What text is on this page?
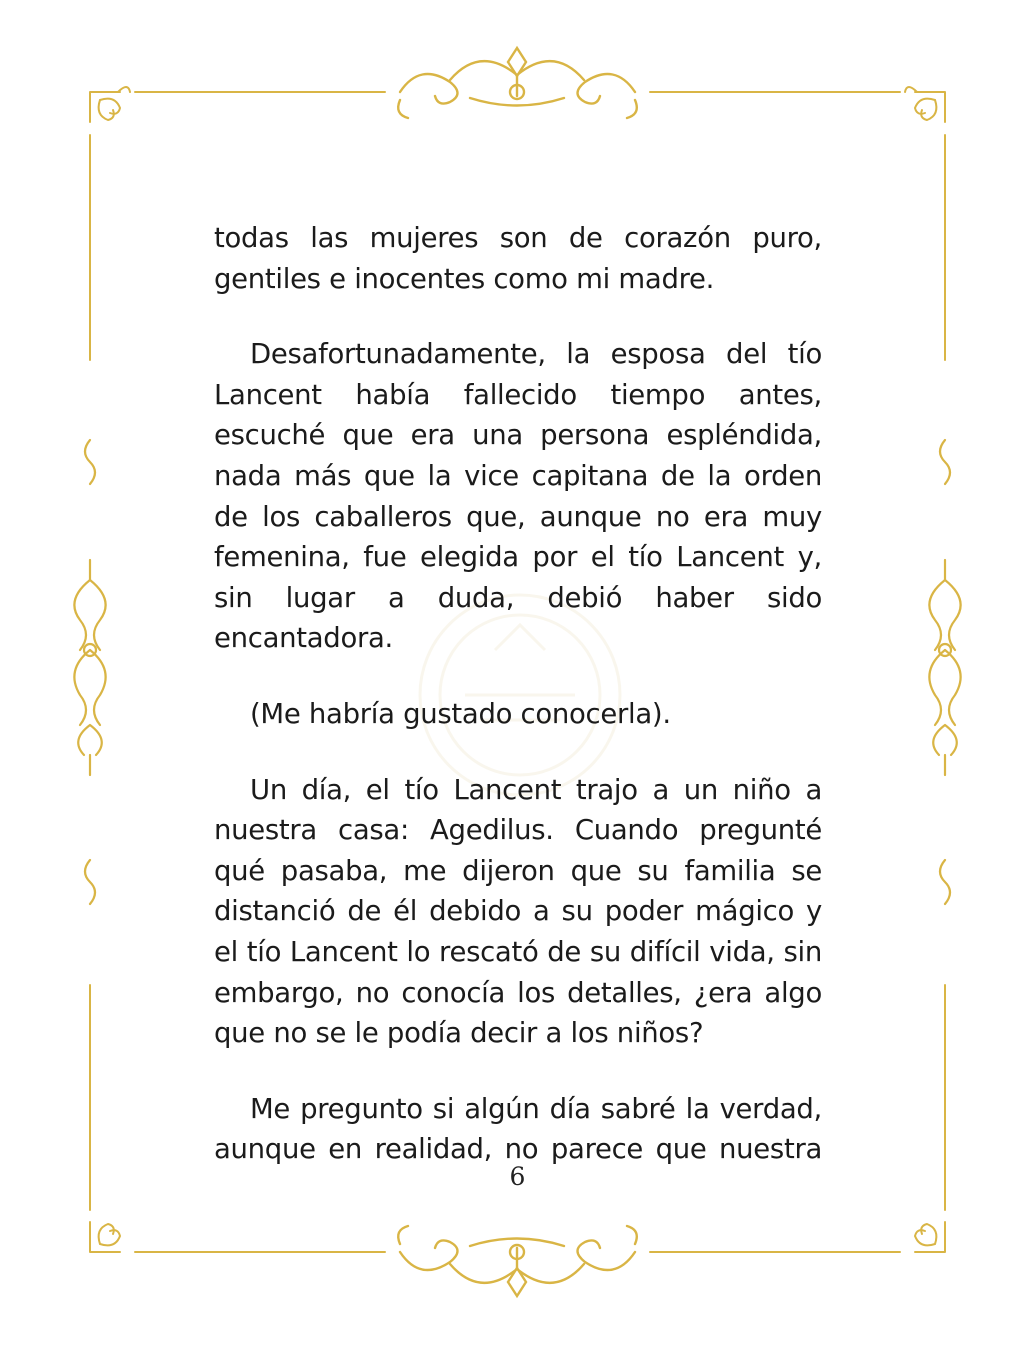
todas las mujeres son de corazón puro, gentiles e inocentes como mi madre.

Desafortunadamente, la esposa del tío Lancent había fallecido tiempo antes, escuché que era una persona espléndida, nada más que la vice capitana de la orden de los caballeros que, aunque no era muy femenina, fue elegida por el tío Lancent y, sin lugar a duda, debió haber sido encantadora.

(Me habría gustado conocerla).

Un día, el tío Lancent trajo a un niño a nuestra casa: Agedilus. Cuando pregunté qué pasaba, me dijeron que su familia se distanció de él debido a su poder mágico y el tío Lancent lo rescató de su difícil vida, sin embargo, no conocía los detalles, ¿era algo que no se le podía decir a los niños?

Me pregunto si algún día sabré la verdad, aunque en realidad, no parece que nuestra

6
